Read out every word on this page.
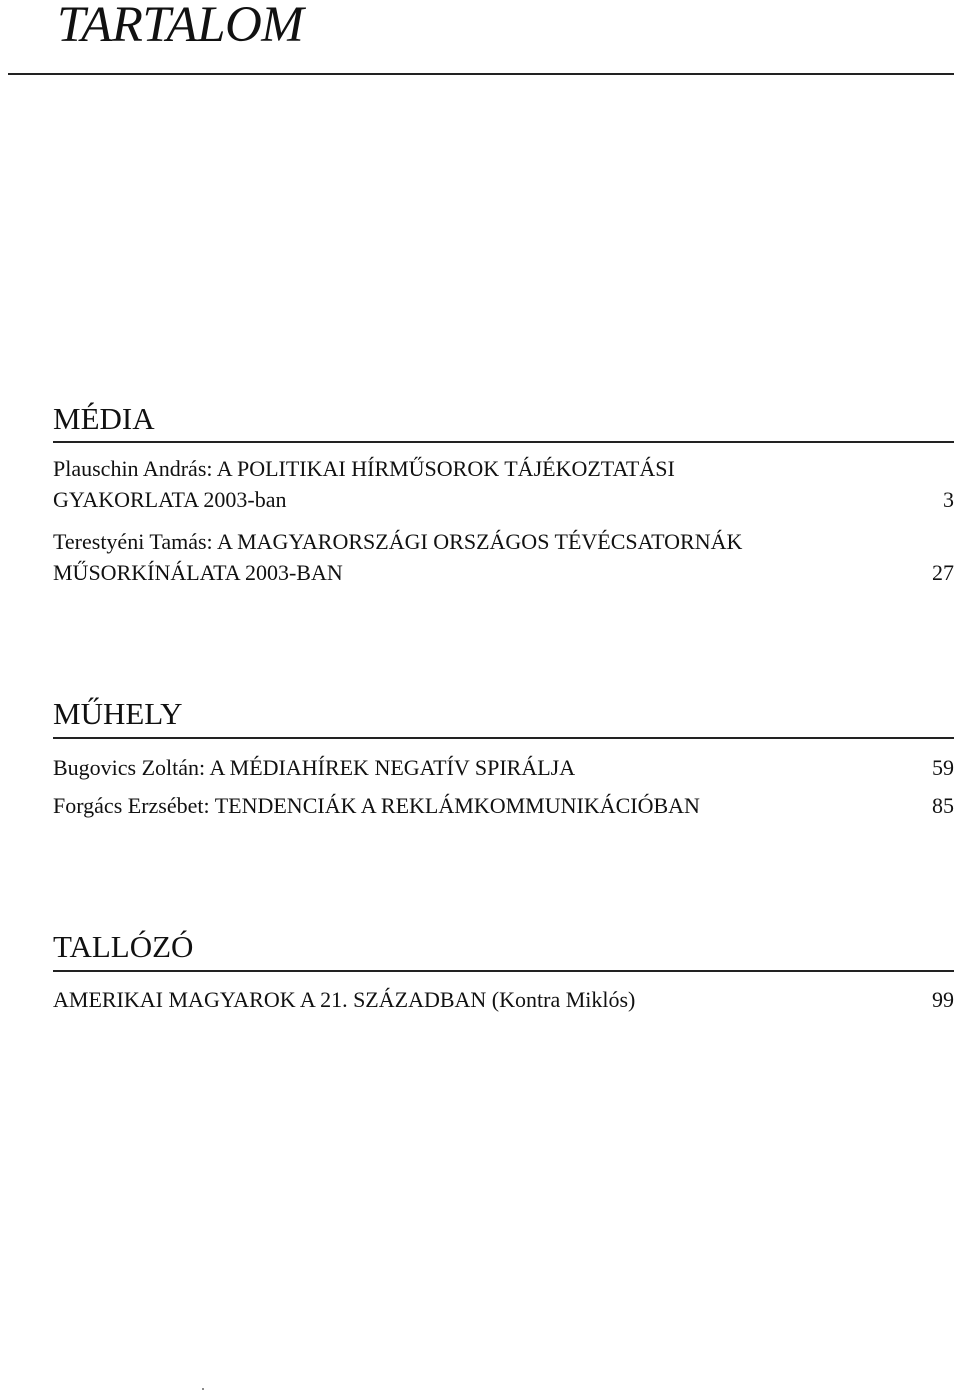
TARTALOM
MÉDIA
Plauschin András: A POLITIKAI HÍRMŰSOROK TÁJÉKOZTATÁSI
GYAKORLATA 2003-ban	3
Terestyéni Tamás: A MAGYARORSZÁGI ORSZÁGOS TÉVÉCSATORNÁK
MŰSORKÍNÁLATA 2003-BAN	27
MŰHELY
Bugovics Zoltán: A MÉDIAHÍREK NEGATÍV SPIRÁLJA	59
Forgács Erzsébet: TENDENCIÁK A REKLÁMKOMMUNIKÁCIÓBAN	85
TALLÓZÓ
AMERIKAI MAGYAROK A 21. SZÁZADBAN (Kontra Miklós)	99
